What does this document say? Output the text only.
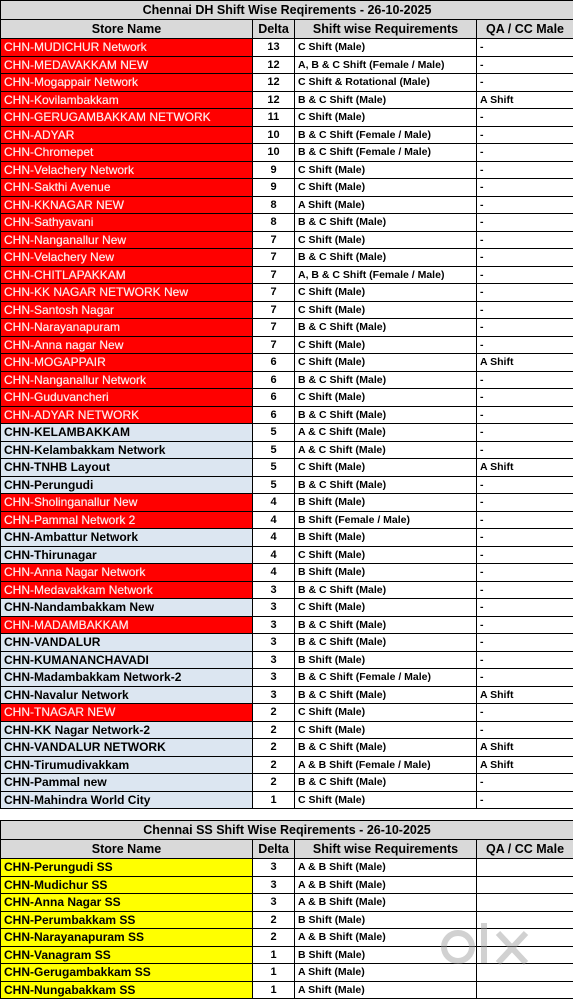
Chennai DH Shift Wise Reqirements - 26-10-2025			
Store Name	Delta	Shift wise Requirements	QA / CC Male
CHN-MUDICHUR Network	13	C Shift (Male)	-
CHN-MEDAVAKKAM NEW	12	A, B & C Shift (Female / Male)	-
CHN-Mogappair Network	12	C Shift & Rotational (Male)	-
CHN-Kovilambakkam	12	B & C Shift (Male)	A Shift
CHN-GERUGAMBAKKAM NETWORK	11	C Shift (Male)	-
CHN-ADYAR	10	B & C Shift (Female / Male)	-
CHN-Chromepet	10	B & C Shift (Female / Male)	-
CHN-Velachery Network	9	C Shift (Male)	-
CHN-Sakthi Avenue	9	C Shift (Male)	-
CHN-KKNAGAR NEW	8	A Shift (Male)	-
CHN-Sathyavani	8	B & C Shift (Male)	-
CHN-Nanganallur New	7	C Shift (Male)	-
CHN-Velachery New	7	B & C Shift (Male)	-
CHN-CHITLAPAKKAM	7	A, B & C Shift (Female / Male)	-
CHN-KK NAGAR NETWORK New	7	C Shift (Male)	-
CHN-Santosh Nagar	7	C Shift (Male)	-
CHN-Narayanapuram	7	B & C Shift (Male)	-
CHN-Anna nagar New	7	C Shift (Male)	-
CHN-MOGAPPAIR	6	C Shift (Male)	A Shift
CHN-Nanganallur Network	6	B & C Shift (Male)	-
CHN-Guduvancheri	6	C Shift (Male)	-
CHN-ADYAR NETWORK	6	B & C Shift (Male)	-
CHN-KELAMBAKKAM	5	A & C Shift (Male)	-
CHN-Kelambakkam Network	5	A & C Shift (Male)	-
CHN-TNHB Layout	5	C Shift (Male)	A Shift
CHN-Perungudi	5	B & C Shift (Male)	-
CHN-Sholinganallur New	4	B Shift (Male)	-
CHN-Pammal Network 2	4	B Shift (Female / Male)	-
CHN-Ambattur Network	4	B Shift (Male)	-
CHN-Thirunagar	4	C Shift (Male)	-
CHN-Anna Nagar Network	4	B Shift (Male)	-
CHN-Medavakkam Network	3	B & C Shift (Male)	-
CHN-Nandambakkam New	3	C Shift (Male)	-
CHN-MADAMBAKKAM	3	B & C Shift (Male)	-
CHN-VANDALUR	3	B & C Shift (Male)	-
CHN-KUMANANCHAVADI	3	B Shift (Male)	-
CHN-Madambakkam Network-2	3	B & C Shift (Female / Male)	-
CHN-Navalur Network	3	B & C Shift (Male)	A Shift
CHN-TNAGAR NEW	2	C Shift (Male)	-
CHN-KK Nagar Network-2	2	C Shift (Male)	-
CHN-VANDALUR NETWORK	2	B & C Shift (Male)	A Shift
CHN-Tirumudivakkam	2	A & B Shift (Female / Male)	A Shift
CHN-Pammal new	2	B & C Shift (Male)	-
CHN-Mahindra World City	1	C Shift (Male)	-
Chennai SS Shift Wise Reqirements - 26-10-2025			
Store Name	Delta	Shift wise Requirements	QA / CC Male
CHN-Perungudi SS	3	A & B Shift (Male)	
CHN-Mudichur SS	3	A & B Shift (Male)	
CHN-Anna Nagar SS	3	A & B Shift (Male)	
CHN-Perumbakkam SS	2	B Shift (Male)	
CHN-Narayanapuram SS	2	A & B Shift (Male)	
CHN-Vanagram SS	1	B Shift (Male)	
CHN-Gerugambakkam SS	1	A Shift (Male)	
CHN-Nungabakkam SS	1	A Shift (Male)	
